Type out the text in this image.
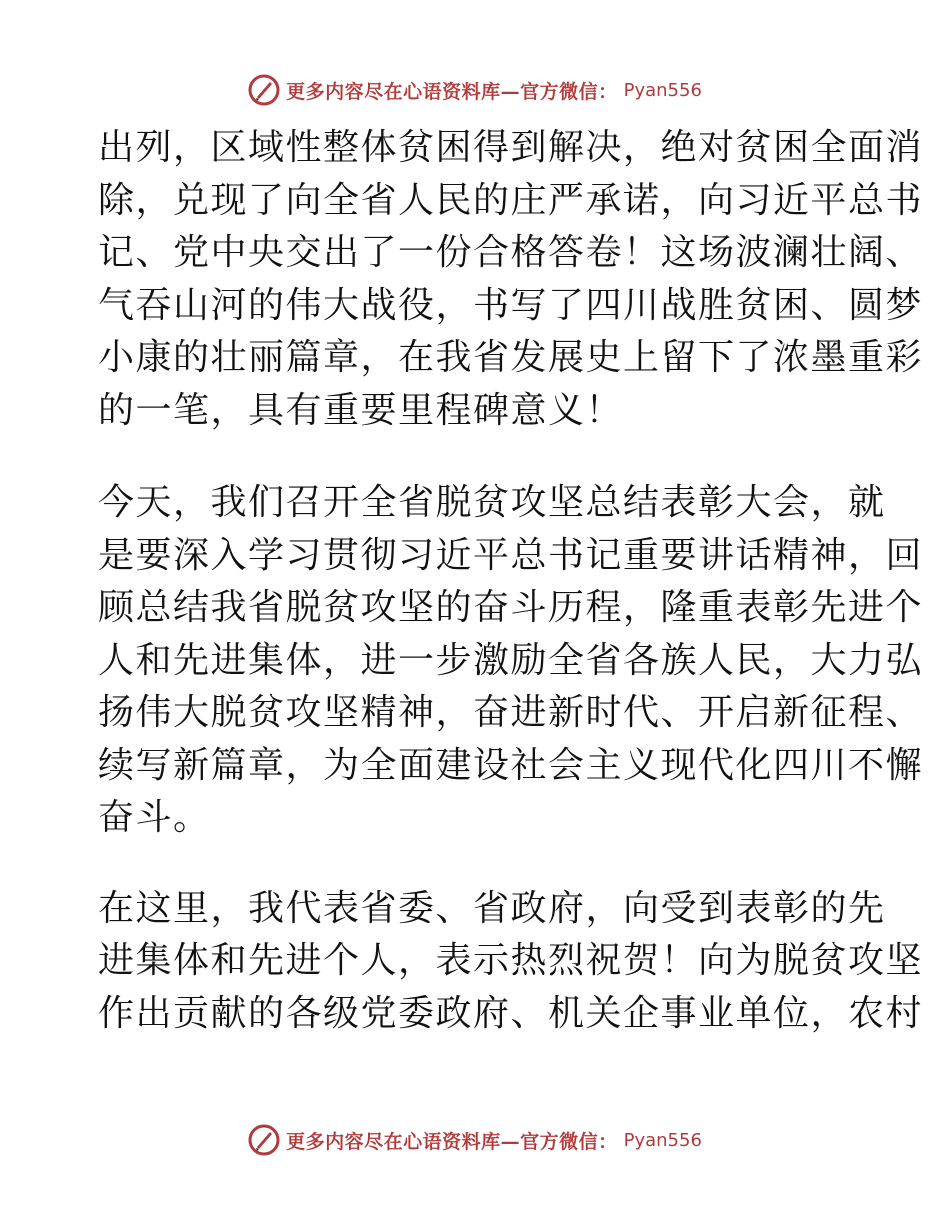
更多内容尽在心语资料库—官方微信： Pyan556
出列，区域性整体贫困得到解决，绝对贫困全面消
除，兑现了向全省人民的庄严承诺，向习近平总书
记、党中央交出了一份合格答卷！这场波澜壮阔、
气吞山河的伟大战役，书写了四川战胜贫困、圆梦
小康的壮丽篇章，在我省发展史上留下了浓墨重彩
的一笔，具有重要里程碑意义！
今天，我们召开全省脱贫攻坚总结表彰大会，就
是要深入学习贯彻习近平总书记重要讲话精神，回
顾总结我省脱贫攻坚的奋斗历程，隆重表彰先进个
人和先进集体，进一步激励全省各族人民，大力弘
扬伟大脱贫攻坚精神，奋进新时代、开启新征程、
续写新篇章，为全面建设社会主义现代化四川不懈
奋斗。
在这里，我代表省委、省政府，向受到表彰的先
进集体和先进个人，表示热烈祝贺！向为脱贫攻坚
作出贡献的各级党委政府、机关企事业单位，农村
更多内容尽在心语资料库—官方微信： Pyan556
